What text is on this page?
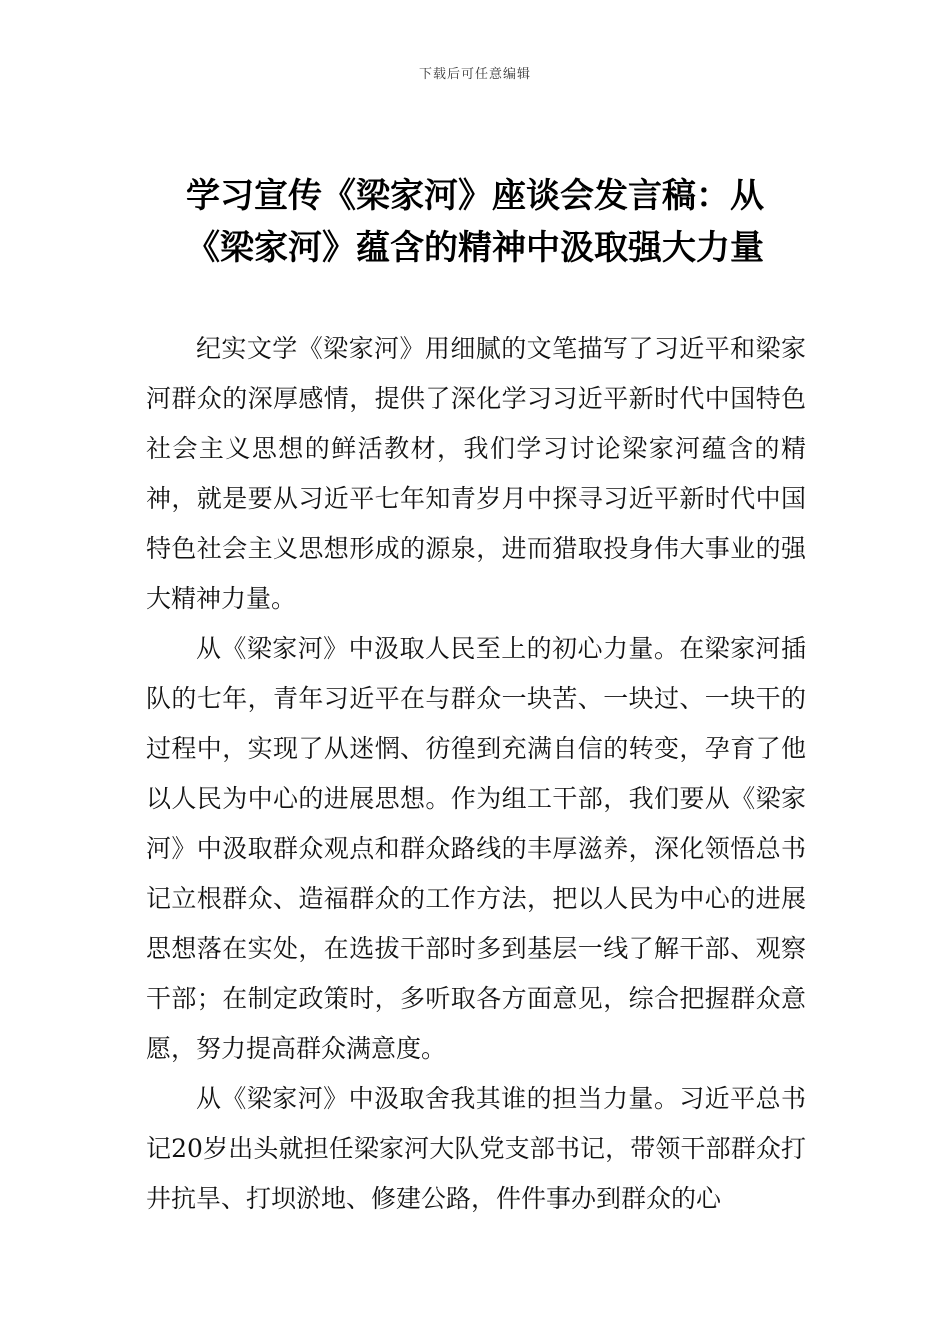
下载后可任意编辑
学习宣传《梁家河》座谈会发言稿：从
《梁家河》蕴含的精神中汲取强大力量

纪实文学《梁家河》用细腻的文笔描写了习近平和梁家河群众的深厚感情，提供了深化学习习近平新时代中国特色社会主义思想的鲜活教材，我们学习讨论梁家河蕴含的精神，就是要从习近平七年知青岁月中探寻习近平新时代中国特色社会主义思想形成的源泉，进而猎取投身伟大事业的强大精神力量。

从《梁家河》中汲取人民至上的初心力量。在梁家河插队的七年，青年习近平在与群众一块苦、一块过、一块干的过程中，实现了从迷惘、彷徨到充满自信的转变，孕育了他以人民为中心的进展思想。作为组工干部，我们要从《梁家河》中汲取群众观点和群众路线的丰厚滋养，深化领悟总书记立根群众、造福群众的工作方法，把以人民为中心的进展思想落在实处，在选拔干部时多到基层一线了解干部、观察干部；在制定政策时，多听取各方面意见，综合把握群众意愿，努力提高群众满意度。

从《梁家河》中汲取舍我其谁的担当力量。习近平总书记20岁出头就担任梁家河大队党支部书记，带领干部群众打井抗旱、打坝淤地、修建公路，件件事办到群众的心
